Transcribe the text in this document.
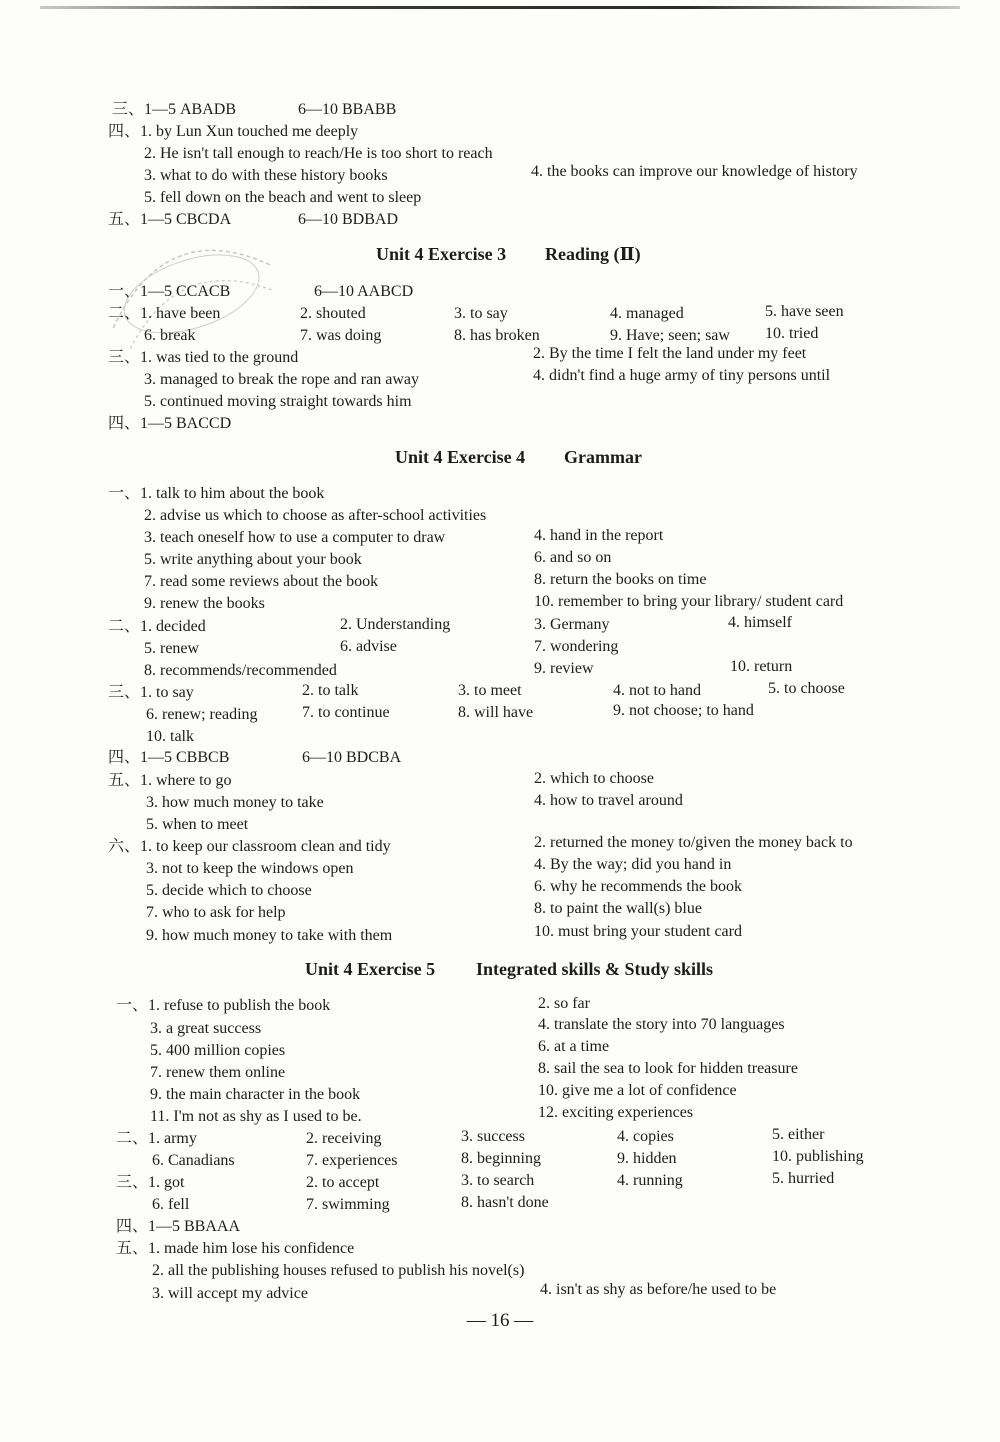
三、1—5 ABADB	6—10 BBABB
四、1. by Lun Xun touched me deeply
2. He isn't tall enough to reach/He is too short to reach
3. what to do with these history books	4. the books can improve our knowledge of history
5. fell down on the beach and went to sleep
五、1—5 CBCDA	6—10 BDBAD
Unit 4 Exercise 3 Reading (Ⅱ)
一、1—5 CCACB	6—10 AABCD
二、1. have been	2. shouted	3. to say	4. managed	5. have seen
6. break	7. was doing	8. has broken	9. Have; seen; saw 10. tried
三、1. was tied to the ground	2. By the time I felt the land under my feet
3. managed to break the rope and ran away	4. didn't find a huge army of tiny persons until
5. continued moving straight towards him
四、1—5 BACCD
Unit 4 Exercise 4 Grammar
一、1. talk to him about the book
2. advise us which to choose as after-school activities
3. teach oneself how to use a computer to draw	4. hand in the report
5. write anything about your book	6. and so on
7. read some reviews about the book	8. return the books on time
9. renew the books	10. remember to bring your library/ student card
二、1. decided	2. Understanding	3. Germany	4. himself
5. renew	6. advise	7. wondering
8. recommends/recommended	9. review	10. return
三、1. to say	2. to talk	3. to meet	4. not to hand	5. to choose
6. renew; reading	7. to continue	8. will have	9. not choose; to hand
10. talk
四、1—5 CBBCB	6—10 BDCBA
五、1. where to go	2. which to choose
3. how much money to take	4. how to travel around
5. when to meet
六、1. to keep our classroom clean and tidy	2. returned the money to/given the money back to
3. not to keep the windows open	4. By the way; did you hand in
5. decide which to choose	6. why he recommends the book
7. who to ask for help	8. to paint the wall(s) blue
9. how much money to take with them	10. must bring your student card
Unit 4 Exercise 5 Integrated skills & Study skills
一、1. refuse to publish the book	2. so far
3. a great success	4. translate the story into 70 languages
5. 400 million copies	6. at a time
7. renew them online	8. sail the sea to look for hidden treasure
9. the main character in the book	10. give me a lot of confidence
11. I'm not as shy as I used to be.	12. exciting experiences
二、1. army	2. receiving	3. success	4. copies	5. either
6. Canadians	7. experiences	8. beginning	9. hidden	10. publishing
三、1. got	2. to accept	3. to search	4. running	5. hurried
6. fell	7. swimming	8. hasn't done
四、1—5 BBAAA
五、1. made him lose his confidence
2. all the publishing houses refused to publish his novel(s)
3. will accept my advice	4. isn't as shy as before/he used to be
— 16 —
